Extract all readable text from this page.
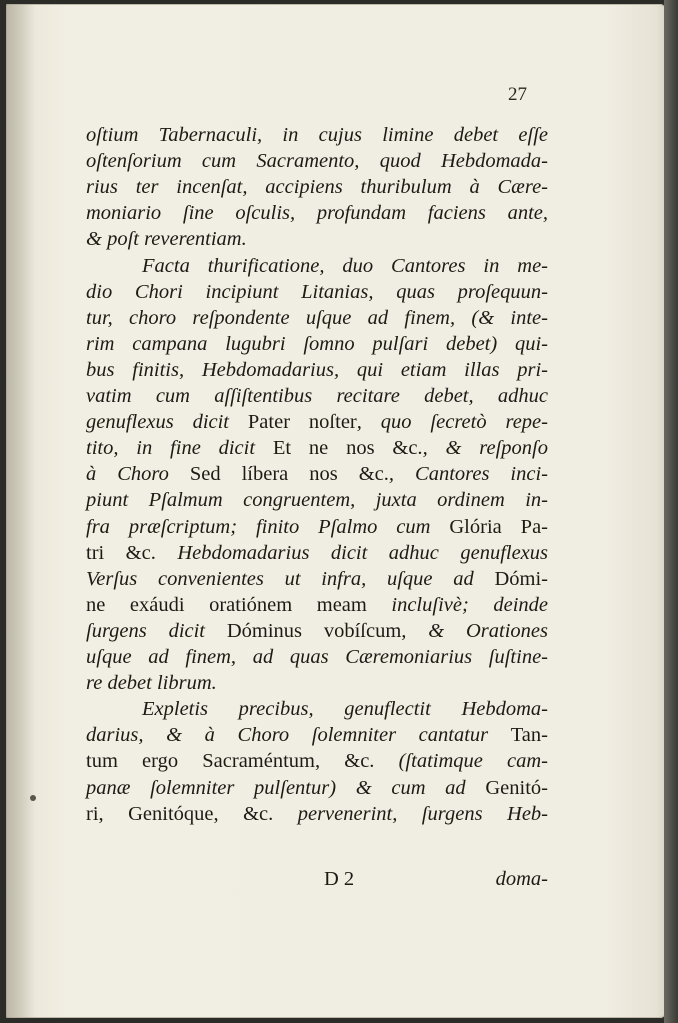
27
oſtium Tabernaculi, in cujus limine debet eſſe
oſtenſorium cum Sacramento, quod Hebdomada-
rius ter incenſat, accipiens thuribulum à Cære-
moniario ſine oſculis, profundam faciens ante,
& poſt reverentiam.
Facta thurificatione, duo Cantores in me-
dio Chori incipiunt Litanias, quas proſequun-
tur, choro reſpondente uſque ad finem, (& inte-
rim campana lugubri ſomno pulſari debet) qui-
bus finitis, Hebdomadarius, qui etiam illas pri-
vatim cum aſſiſtentibus recitare debet, adhuc
genuflexus dicit Pater noſter, quo ſecretò repe-
tito, in fine dicit Et ne nos &c., & reſponſo
à Choro Sed líbera nos &c., Cantores inci-
piunt Pſalmum congruentem, juxta ordinem in-
fra præſcriptum; finito Pſalmo cum Glória Pa-
tri &c. Hebdomadarius dicit adhuc genuflexus
Verſus convenientes ut infra, uſque ad Dómi-
ne exáudi oratiónem meam incluſivè; deinde
ſurgens dicit Dóminus vobíſcum, & Orationes
uſque ad finem, ad quas Cæremoniarius ſuſtine-
re debet librum.
Expletis precibus, genuflectit Hebdoma-
darius, & à Choro ſolemniter cantatur Tan-
tum ergo Sacraméntum, &c. (ſtatimque cam-
panæ ſolemniter pulſentur) & cum ad Genitó-
ri, Genitóque, &c. pervenerint, ſurgens Heb-
D 2	doma-
